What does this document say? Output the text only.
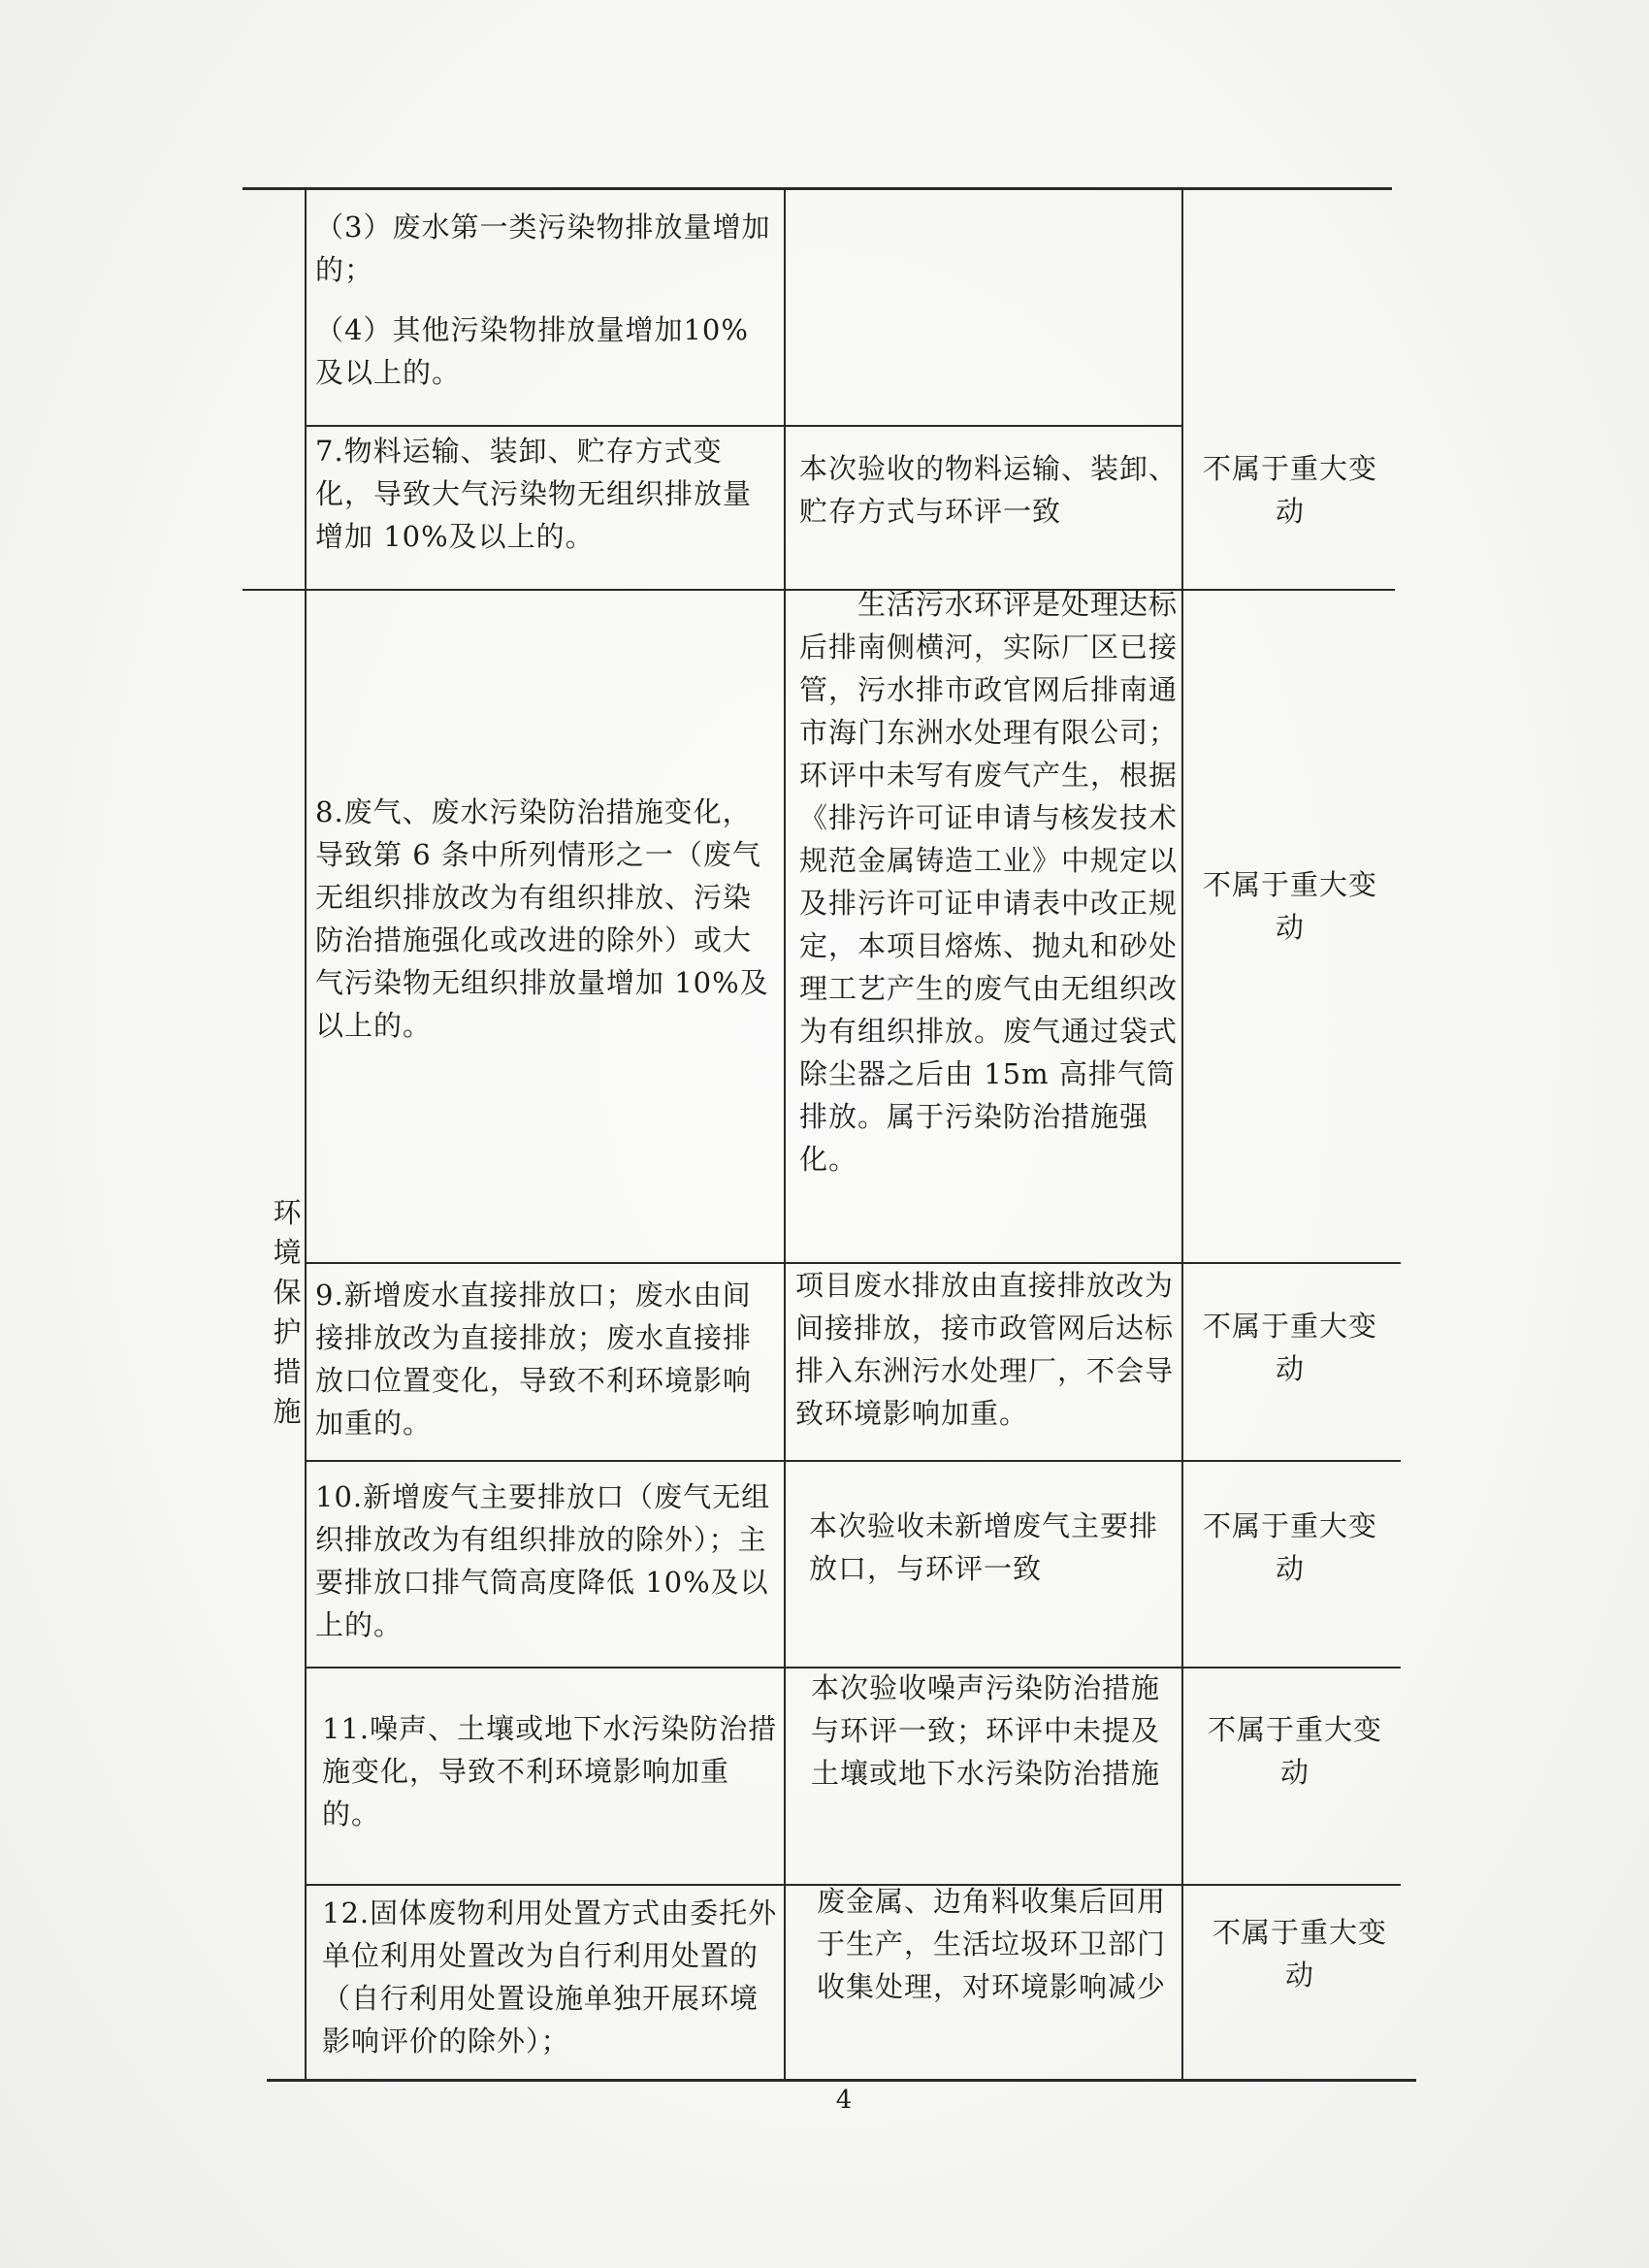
环境保护措施

（3）废水第一类污染物排放量增加的；

（4）其他污染物排放量增加10%及以上的。

7.物料运输、装卸、贮存方式变化，导致大气污染物无组织排放量增加 10%及以上的。
本次验收的物料运输、装卸、贮存方式与环评一致
不属于重大变动
8.废气、废水污染防治措施变化，导致第 6 条中所列情形之一（废气无组织排放改为有组织排放、污染防治措施强化或改进的除外）或大气污染物无组织排放量增加 10%及以上的。
生活污水环评是处理达标后排南侧横河，实际厂区已接管，污水排市政官网后排南通市海门东洲水处理有限公司；环评中未写有废气产生，根据《排污许可证申请与核发技术规范金属铸造工业》中规定以及排污许可证申请表中改正规定，本项目熔炼、抛丸和砂处理工艺产生的废气由无组织改为有组织排放。废气通过袋式除尘器之后由 15m 高排气筒排放。属于污染防治措施强化。
不属于重大变动
9.新增废水直接排放口；废水由间接排放改为直接排放；废水直接排放口位置变化，导致不利环境影响加重的。
项目废水排放由直接排放改为间接排放，接市政管网后达标排入东洲污水处理厂，不会导致环境影响加重。
不属于重大变动
10.新增废气主要排放口（废气无组织排放改为有组织排放的除外）；主要排放口排气筒高度降低 10%及以上的。
本次验收未新增废气主要排放口，与环评一致
不属于重大变动
11.噪声、土壤或地下水污染防治措施变化，导致不利环境影响加重的。
本次验收噪声污染防治措施与环评一致；环评中未提及土壤或地下水污染防治措施
不属于重大变动
12.固体废物利用处置方式由委托外单位利用处置改为自行利用处置的（自行利用处置设施单独开展环境影响评价的除外）；
废金属、边角料收集后回用于生产，生活垃圾环卫部门收集处理，对环境影响减少
不属于重大变动
4
